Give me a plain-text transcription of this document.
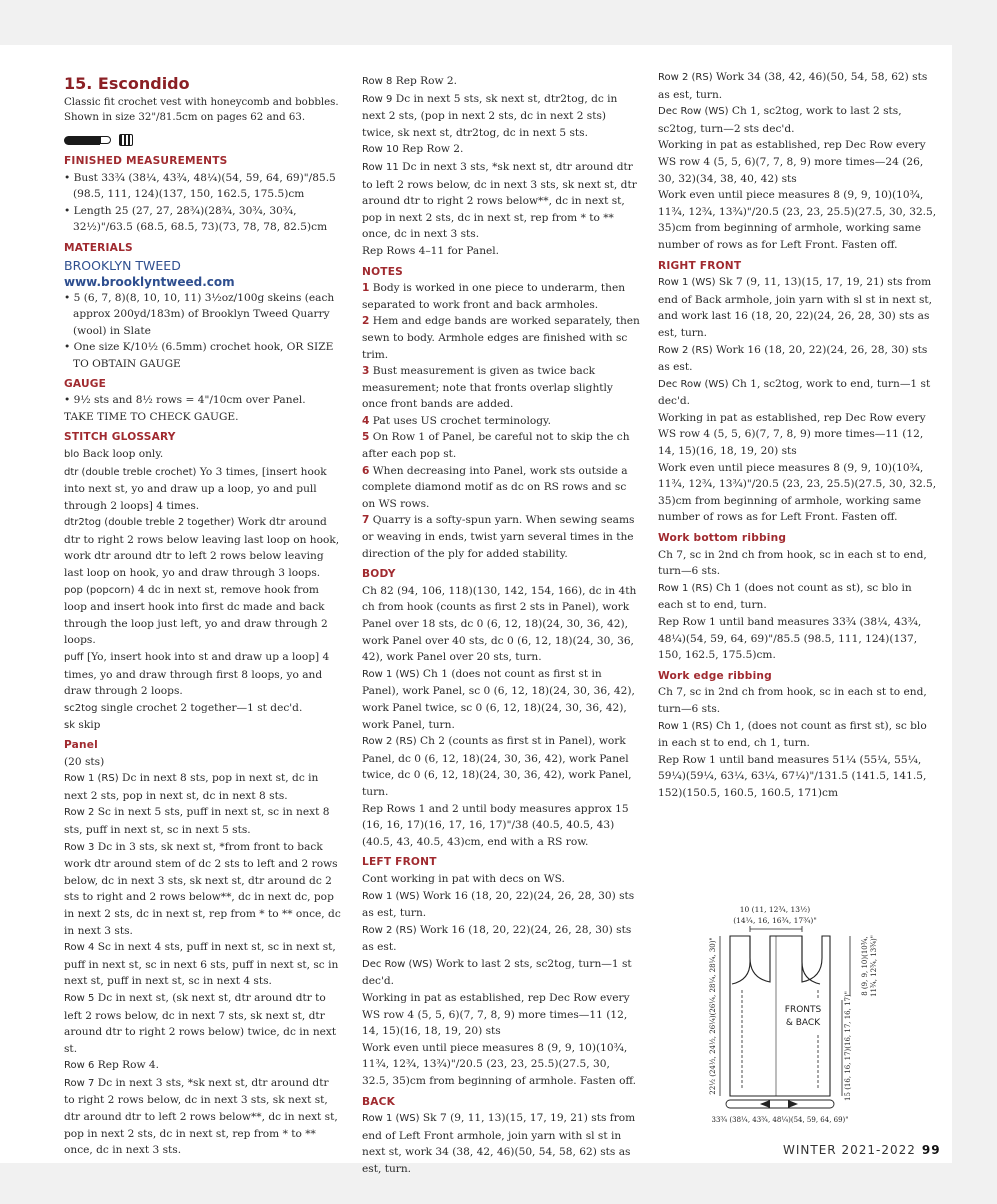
15. Escondido
Classic fit crochet vest with honeycomb and bobbles. Shown in size 32"/81.5cm on pages 62 and 63.
FINISHED MEASUREMENTS

• Bust 33¾ (38¼, 43¾, 48¼)(54, 59, 64, 69)"/85.5 (98.5, 111, 124)(137, 150, 162.5, 175.5)cm

• Length 25 (27, 27, 28¾)(28¾, 30¾, 30¾, 32½)"/63.5 (68.5, 68.5, 73)(73, 78, 78, 82.5)cm

MATERIALS
BROOKLYN TWEED
www.brooklyntweed.com

• 5 (6, 7, 8)(8, 10, 10, 11) 3½oz/100g skeins (each approx 200yd/183m) of Brooklyn Tweed Quarry (wool) in Slate

• One size K/10½ (6.5mm) crochet hook, OR SIZE TO OBTAIN GAUGE

GAUGE

• 9½ sts and 8½ rows = 4"/10cm over Panel.

TAKE TIME TO CHECK GAUGE.

STITCH GLOSSARY

blo Back loop only.

dtr (double treble crochet) Yo 3 times, [insert hook into next st, yo and draw up a loop, yo and pull through 2 loops] 4 times.

dtr2tog (double treble 2 together) Work dtr around dtr to right 2 rows below leaving last loop on hook, work dtr around dtr to left 2 rows below leaving last loop on hook, yo and draw through 3 loops.

pop (popcorn) 4 dc in next st, remove hook from loop and insert hook into first dc made and back through the loop just left, yo and draw through 2 loops.

puff [Yo, insert hook into st and draw up a loop] 4 times, yo and draw through first 8 loops, yo and draw through 2 loops.

sc2tog single crochet 2 together—1 st dec'd.

sk skip

Panel

(20 sts)

Row 1 (RS) Dc in next 8 sts, pop in next st, dc in next 2 sts, pop in next st, dc in next 8 sts.

Row 2 Sc in next 5 sts, puff in next st, sc in next 8 sts, puff in next st, sc in next 5 sts.

Row 3 Dc in 3 sts, sk next st, *from front to back work dtr around stem of dc 2 sts to left and 2 rows below, dc in next 3 sts, sk next st, dtr around dc 2 sts to right and 2 rows below**, dc in next dc, pop in next 2 sts, dc in next st, rep from * to ** once, dc in next 3 sts.

Row 4 Sc in next 4 sts, puff in next st, sc in next st, puff in next st, sc in next 6 sts, puff in next st, sc in next st, puff in next st, sc in next 4 sts.

Row 5 Dc in next st, (sk next st, dtr around dtr to left 2 rows below, dc in next 7 sts, sk next st, dtr around dtr to right 2 rows below) twice, dc in next st.

Row 6 Rep Row 4.

Row 7 Dc in next 3 sts, *sk next st, dtr around dtr to right 2 rows below, dc in next 3 sts, sk next st, dtr around dtr to left 2 rows below**, dc in next st, pop in next 2 sts, dc in next st, rep from * to ** once, dc in next 3 sts.

Row 8 Rep Row 2.

Row 9 Dc in next 5 sts, sk next st, dtr2tog, dc in next 2 sts, (pop in next 2 sts, dc in next 2 sts) twice, sk next st, dtr2tog, dc in next 5 sts.

Row 10 Rep Row 2.

Row 11 Dc in next 3 sts, *sk next st, dtr around dtr to left 2 rows below, dc in next 3 sts, sk next st, dtr around dtr to right 2 rows below**, dc in next st, pop in next 2 sts, dc in next st, rep from * to ** once, dc in next 3 sts.

Rep Rows 4–11 for Panel.

NOTES

1 Body is worked in one piece to underarm, then separated to work front and back armholes.

2 Hem and edge bands are worked separately, then sewn to body. Armhole edges are finished with sc trim.

3 Bust measurement is given as twice back measurement; note that fronts overlap slightly once front bands are added.

4 Pat uses US crochet terminology.

5 On Row 1 of Panel, be careful not to skip the ch after each pop st.

6 When decreasing into Panel, work sts outside a complete diamond motif as dc on RS rows and sc on WS rows.

7 Quarry is a softy-spun yarn. When sewing seams or weaving in ends, twist yarn several times in the direction of the ply for added stability.

BODY

Ch 82 (94, 106, 118)(130, 142, 154, 166), dc in 4th ch from hook (counts as first 2 sts in Panel), work Panel over 18 sts, dc 0 (6, 12, 18)(24, 30, 36, 42), work Panel over 40 sts, dc 0 (6, 12, 18)(24, 30, 36, 42), work Panel over 20 sts, turn.

Row 1 (WS) Ch 1 (does not count as first st in Panel), work Panel, sc 0 (6, 12, 18)(24, 30, 36, 42), work Panel twice, sc 0 (6, 12, 18)(24, 30, 36, 42), work Panel, turn.

Row 2 (RS) Ch 2 (counts as first st in Panel), work Panel, dc 0 (6, 12, 18)(24, 30, 36, 42), work Panel twice, dc 0 (6, 12, 18)(24, 30, 36, 42), work Panel, turn.

Rep Rows 1 and 2 until body measures approx 15 (16, 16, 17)(16, 17, 16, 17)"/38 (40.5, 40.5, 43)(40.5, 43, 40.5, 43)cm, end with a RS row.

LEFT FRONT

Cont working in pat with decs on WS.

Row 1 (WS) Work 16 (18, 20, 22)(24, 26, 28, 30) sts as est, turn.

Row 2 (RS) Work 16 (18, 20, 22)(24, 26, 28, 30) sts as est.

Dec Row (WS) Work to last 2 sts, sc2tog, turn—1 st dec'd.

Working in pat as established, rep Dec Row every WS row 4 (5, 5, 6)(7, 7, 8, 9) more times—11 (12, 14, 15)(16, 18, 19, 20) sts

Work even until piece measures 8 (9, 9, 10)(10¾, 11¾, 12¾, 13¾)"/20.5 (23, 23, 25.5)(27.5, 30, 32.5, 35)cm from beginning of armhole. Fasten off.

BACK

Row 1 (WS) Sk 7 (9, 11, 13)(15, 17, 19, 21) sts from end of Left Front armhole, join yarn with sl st in next st, work 34 (38, 42, 46)(50, 54, 58, 62) sts as est, turn.

Row 2 (RS) Work 34 (38, 42, 46)(50, 54, 58, 62) sts as est, turn.

Dec Row (WS) Ch 1, sc2tog, work to last 2 sts, sc2tog, turn—2 sts dec'd.

Working in pat as established, rep Dec Row every WS row 4 (5, 5, 6)(7, 7, 8, 9) more times—24 (26, 30, 32)(34, 38, 40, 42) sts

Work even until piece measures 8 (9, 9, 10)(10¾, 11¾, 12¾, 13¾)"/20.5 (23, 23, 25.5)(27.5, 30, 32.5, 35)cm from beginning of armhole, working same number of rows as for Left Front. Fasten off.

RIGHT FRONT

Row 1 (WS) Sk 7 (9, 11, 13)(15, 17, 19, 21) sts from end of Back armhole, join yarn with sl st in next st, and work last 16 (18, 20, 22)(24, 26, 28, 30) sts as est, turn.

Row 2 (RS) Work 16 (18, 20, 22)(24, 26, 28, 30) sts as est.

Dec Row (WS) Ch 1, sc2tog, work to end, turn—1 st dec'd.

Working in pat as established, rep Dec Row every WS row 4 (5, 5, 6)(7, 7, 8, 9) more times—11 (12, 14, 15)(16, 18, 19, 20) sts

Work even until piece measures 8 (9, 9, 10)(10¾, 11¾, 12¾, 13¾)"/20.5 (23, 23, 25.5)(27.5, 30, 32.5, 35)cm from beginning of armhole, working same number of rows as for Left Front. Fasten off.

Work bottom ribbing

Ch 7, sc in 2nd ch from hook, sc in each st to end, turn—6 sts.

Row 1 (RS) Ch 1 (does not count as st), sc blo in each st to end, turn.

Rep Row 1 until band measures 33¾ (38¼, 43¾, 48¼)(54, 59, 64, 69)"/85.5 (98.5, 111, 124)(137, 150, 162.5, 175.5)cm.

Work edge ribbing

Ch 7, sc in 2nd ch from hook, sc in each st to end, turn—6 sts.

Row 1 (RS) Ch 1, (does not count as first st), sc blo in each st to end, ch 1, turn.

Rep Row 1 until band measures 51¼ (55¼, 55¼, 59¼)(59¼, 63¼, 63¼, 67¼)"/131.5 (141.5, 141.5, 152)(150.5, 160.5, 160.5, 171)cm

10 (11, 12¾, 13½)
(14¼, 16, 16¾, 17¾)"
FRONTS
& BACK
22½ (24½, 24½, 26¼)(26¼, 28¼, 28¼, 30)"	8 (9, 9, 10)(10¾, 11¾, 12¾, 13¾)"
15 (16, 16, 17)(16, 17, 16, 17)"
33¾ (38¼, 43¾, 48¼)(54, 59, 64, 69)"
WINTER 2021-2022 99
